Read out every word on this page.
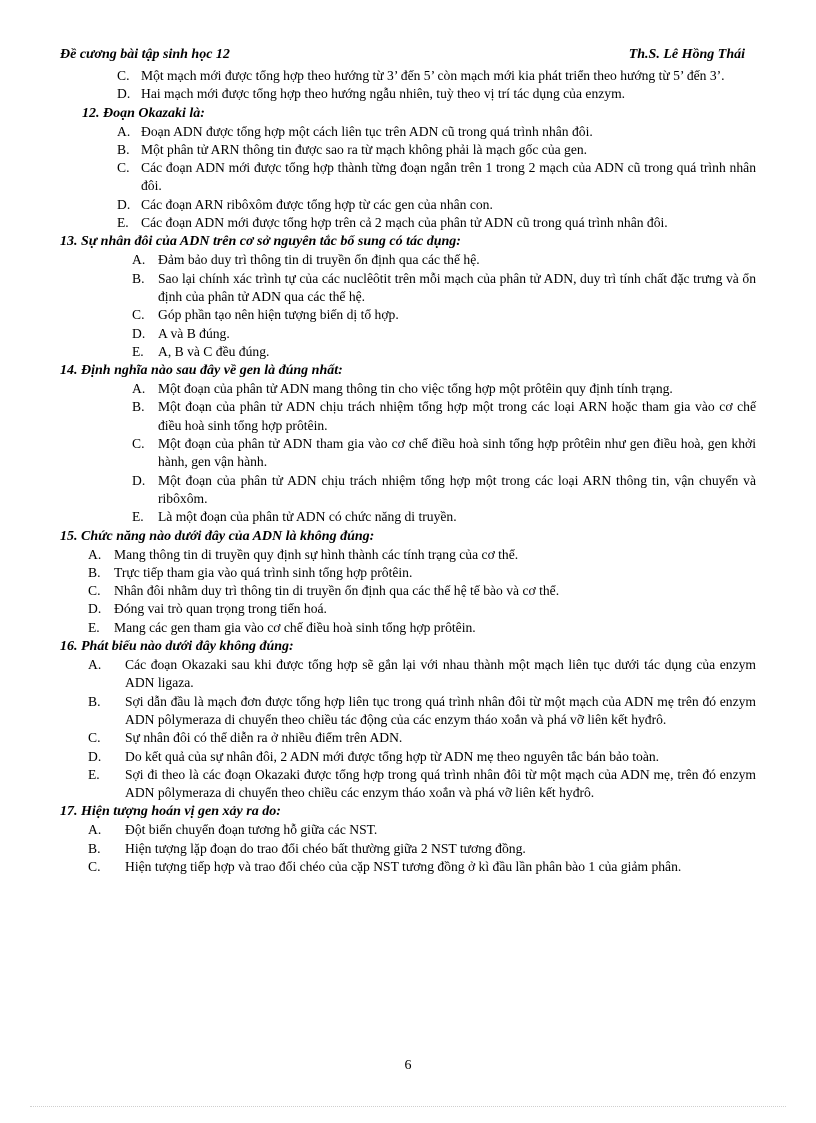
Đề cương bài tập sinh học 12	Th.S. Lê Hồng Thái
C. Một mạch mới được tổng hợp theo hướng từ 3’ đến 5’ còn mạch mới kia phát triển theo hướng từ 5’ đến 3’.
D. Hai mạch mới được tổng hợp theo hướng ngẫu nhiên, tuỳ theo vị trí tác dụng của enzym.
12. Đoạn Okazaki là:
A. Đoạn ADN được tổng hợp một cách liên tục trên ADN cũ trong quá trình nhân đôi.
B. Một phân tử ARN thông tin được sao ra từ mạch không phải là mạch gốc của gen.
C. Các đoạn ADN mới được tổng hợp thành từng đoạn ngắn trên 1 trong 2 mạch của ADN cũ trong quá trình nhân đôi.
D. Các đoạn ARN ribôxôm được tổng hợp từ các gen của nhân con.
E. Các đoạn ADN mới được tổng hợp trên cả 2 mạch của phân tử ADN cũ trong quá trình nhân đôi.
13. Sự nhân đôi của ADN trên cơ sở nguyên tắc bổ sung có tác dụng:
A. Đảm bảo duy trì thông tin di truyền ổn định qua các thế hệ.
B. Sao lại chính xác trình tự của các nuclêôtit trên mỗi mạch của phân tử ADN, duy trì tính chất đặc trưng và ổn định của phân tử ADN qua các thế hệ.
C. Góp phần tạo nên hiện tượng biến dị tổ hợp.
D. A và B đúng.
E. A, B và C đều đúng.
14. Định nghĩa nào sau đây về gen là đúng nhất:
A. Một đoạn của phân tử ADN mang thông tin cho việc tổng hợp một prôtêin quy định tính trạng.
B. Một đoạn của phân tử ADN chịu trách nhiệm tổng hợp một trong các loại ARN hoặc tham gia vào cơ chế điều hoà sinh tổng hợp prôtêin.
C. Một đoạn của phân tử ADN tham gia vào cơ chế điều hoà sinh tổng hợp prôtêin như gen điều hoà, gen khởi hành, gen vận hành.
D. Một đoạn của phân tử ADN chịu trách nhiệm tổng hợp một trong các loại ARN thông tin, vận chuyển và ribôxôm.
E. Là một đoạn của phân tử ADN có chức năng di truyền.
15. Chức năng nào dưới đây của ADN là không đúng:
A. Mang thông tin di truyền quy định sự hình thành các tính trạng của cơ thể.
B. Trực tiếp tham gia vào quá trình sinh tổng hợp prôtêin.
C. Nhân đôi nhằm duy trì thông tin di truyền ổn định qua các thế hệ tế bào và cơ thể.
D. Đóng vai trò quan trọng trong tiến hoá.
E. Mang các gen tham gia vào cơ chế điều hoà sinh tổng hợp prôtêin.
16. Phát biểu nào dưới đây không đúng:
A. Các đoạn Okazaki sau khi được tổng hợp sẽ gắn lại với nhau thành một mạch liên tục dưới tác dụng của enzym ADN ligaza.
B. Sợi dẫn đầu là mạch đơn được tổng hợp liên tục trong quá trình nhân đôi từ một mạch của ADN mẹ trên đó enzym ADN pôlymeraza di chuyển theo chiều tác động của các enzym tháo xoắn và phá vỡ liên kết hyđrô.
C. Sự nhân đôi có thể diễn ra ở nhiều điểm trên ADN.
D. Do kết quả của sự nhân đôi, 2 ADN mới được tổng hợp từ ADN mẹ theo nguyên tắc bán bảo toàn.
E. Sợi đi theo là các đoạn Okazaki được tổng hợp trong quá trình nhân đôi từ một mạch của ADN mẹ, trên đó enzym ADN pôlymeraza di chuyển theo chiều các enzym tháo xoắn và phá vỡ liên kết hyđrô.
17. Hiện tượng hoán vị gen xảy ra do:
A. Đột biến chuyển đoạn tương hỗ giữa các NST.
B. Hiện tượng lặp đoạn do trao đổi chéo bất thường giữa 2 NST tương đồng.
C. Hiện tượng tiếp hợp và trao đổi chéo của cặp NST tương đồng ở kì đầu lần phân bào 1 của giảm phân.
6
